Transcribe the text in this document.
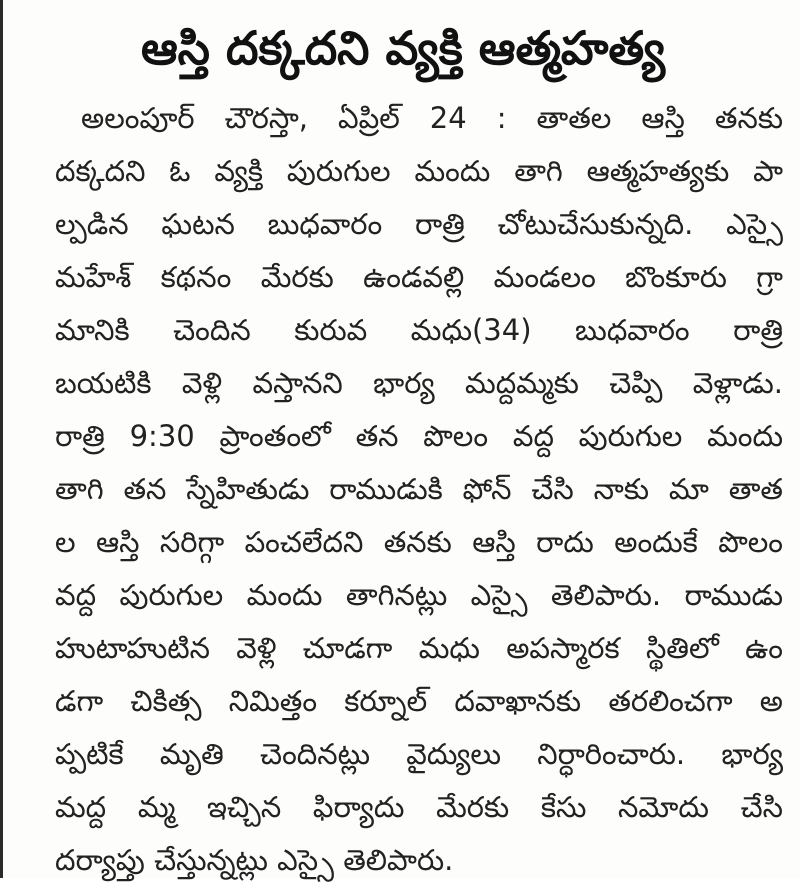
ఆస్తి దక్కదని వ్యక్తి ఆత్మహత్య
అలంపూర్ చౌరస్తా, ఏప్రిల్ 24 : తాతల ఆస్తి తనకు
దక్కదని ఓ వ్యక్తి పురుగుల మందు తాగి ఆత్మహత్యకు పా
ల్పడిన ఘటన బుధవారం రాత్రి చోటుచేసుకున్నది. ఎస్సై
మహేశ్ కథనం మేరకు ఉండవల్లి మండలం బొంకూరు గ్రా
మానికి చెందిన కురువ మధు(34) బుధవారం రాత్రి
బయటికి వెళ్లి వస్తానని భార్య మద్దమ్మకు చెప్పి వెళ్లాడు.
రాత్రి 9:30 ప్రాంతంలో తన పొలం వద్ద పురుగుల మందు
తాగి తన స్నేహితుడు రాముడుకి ఫోన్ చేసి నాకు మా తాత
ల ఆస్తి సరిగ్గా పంచలేదని తనకు ఆస్తి రాదు అందుకే పొలం
వద్ద పురుగుల మందు తాగినట్లు ఎస్సై తెలిపారు. రాముడు
హుటాహుటిన వెళ్లి చూడగా మధు అపస్మారక స్థితిలో ఉం
డగా చికిత్స నిమిత్తం కర్నూల్ దవాఖానకు తరలించగా అ
ప్పటికే మృతి చెందినట్లు వైద్యులు నిర్ధారించారు. భార్య
మద్ద మ్మ ఇచ్చిన ఫిర్యాదు మేరకు కేసు నమోదు చేసి
దర్యాప్తు చేస్తున్నట్లు ఎస్సై తెలిపారు.
